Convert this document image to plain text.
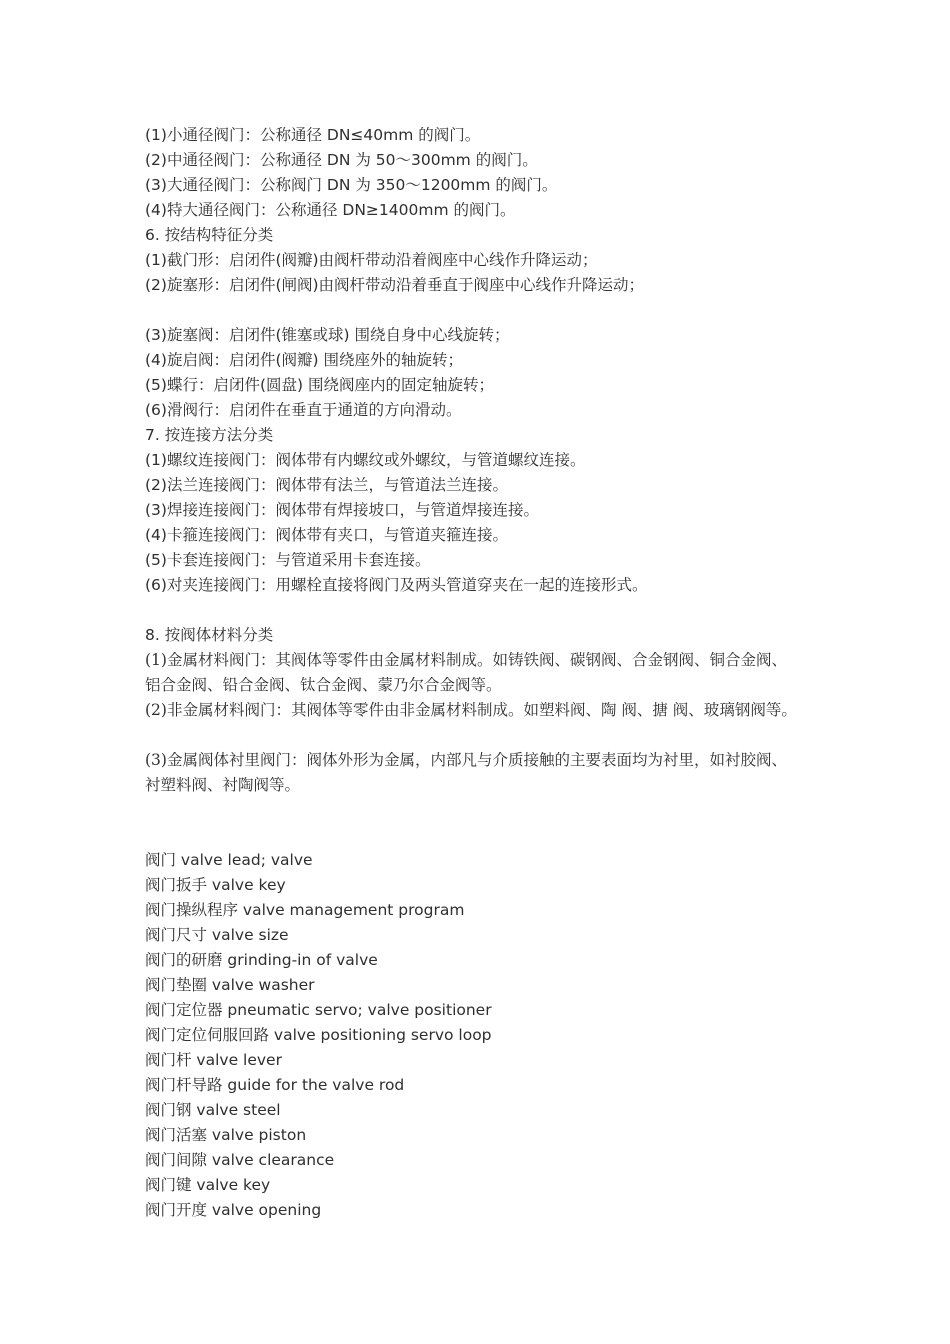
(1)小通径阀门：公称通径 DN≤40mm 的阀门。
(2)中通径阀门：公称通径 DN 为 50～300mm 的阀门。
(3)大通径阀门：公称阀门 DN 为 350～1200mm 的阀门。
(4)特大通径阀门：公称通径 DN≥1400mm 的阀门。
6. 按结构特征分类
(1)截门形：启闭件(阀瓣)由阀杆带动沿着阀座中心线作升降运动；
(2)旋塞形：启闭件(闸阀)由阀杆带动沿着垂直于阀座中心线作升降运动；
(3)旋塞阀：启闭件(锥塞或球) 围绕自身中心线旋转；
(4)旋启阀：启闭件(阀瓣) 围绕座外的轴旋转；
(5)蝶行：启闭件(圆盘) 围绕阀座内的固定轴旋转；
(6)滑阀行：启闭件在垂直于通道的方向滑动。
7. 按连接方法分类
(1)螺纹连接阀门：阀体带有内螺纹或外螺纹，与管道螺纹连接。
(2)法兰连接阀门：阀体带有法兰，与管道法兰连接。
(3)焊接连接阀门：阀体带有焊接坡口，与管道焊接连接。
(4)卡箍连接阀门：阀体带有夹口，与管道夹箍连接。
(5)卡套连接阀门：与管道采用卡套连接。
(6)对夹连接阀门：用螺栓直接将阀门及两头管道穿夹在一起的连接形式。
8. 按阀体材料分类
(1)金属材料阀门：其阀体等零件由金属材料制成。如铸铁阀、碳钢阀、合金钢阀、铜合金阀、
铝合金阀、铅合金阀、钛合金阀、蒙乃尔合金阀等。
(2)非金属材料阀门：其阀体等零件由非金属材料制成。如塑料阀、陶 阀、搪 阀、玻璃钢阀等。
(3)金属阀体衬里阀门：阀体外形为金属，内部凡与介质接触的主要表面均为衬里，如衬胶阀、
衬塑料阀、衬陶阀等。
阀门 valve lead; valve
阀门扳手 valve key
阀门操纵程序 valve management program
阀门尺寸 valve size
阀门的研磨 grinding-in of valve
阀门垫圈 valve washer
阀门定位器 pneumatic servo; valve positioner
阀门定位伺服回路 valve positioning servo loop
阀门杆 valve lever
阀门杆导路 guide for the valve rod
阀门钢 valve steel
阀门活塞 valve piston
阀门间隙 valve clearance
阀门键 valve key
阀门开度 valve opening
